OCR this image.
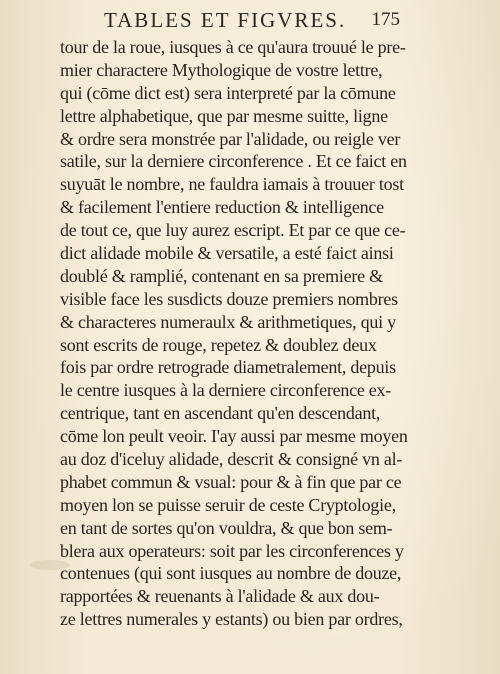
TABLES ET FIGVRES. 175
tour de la roue, iusques à ce qu'aura trouué le pre-
mier charactere Mythologique de vostre lettre,
qui (cōme dict est) sera interpreté par la cōmune
lettre alphabetique, que par mesme suitte, ligne
& ordre sera monstrée par l'alidade, ou reigle ver
satile, sur la derniere circonference . Et ce faict en
suyuāt le nombre, ne fauldra iamais à trouuer tost
& facilement l'entiere reduction & intelligence
de tout ce, que luy aurez escript. Et par ce que ce-
dict alidade mobile & versatile, a esté faict ainsi
doublé & ramplié, contenant en sa premiere &
visible face les susdicts douze premiers nombres
& characteres numeraulx & arithmetiques, qui y
sont escrits de rouge, repetez & doublez deux
fois par ordre retrograde diametralement, depuis
le centre iusques à la derniere circonference ex-
centrique, tant en ascendant qu'en descendant,
cōme lon peult veoir. I'ay aussi par mesme moyen
au doz d'iceluy alidade, descrit & consigné vn al-
phabet commun & vsual: pour & à fin que par ce
moyen lon se puisse seruir de ceste Cryptologie,
en tant de sortes qu'on vouldra, & que bon sem-
blera aux operateurs: soit par les circonferences y
contenues (qui sont iusques au nombre de douze,
rapportées & reuenants à l'alidade & aux dou-
ze lettres numerales y estants) ou bien par ordres,
